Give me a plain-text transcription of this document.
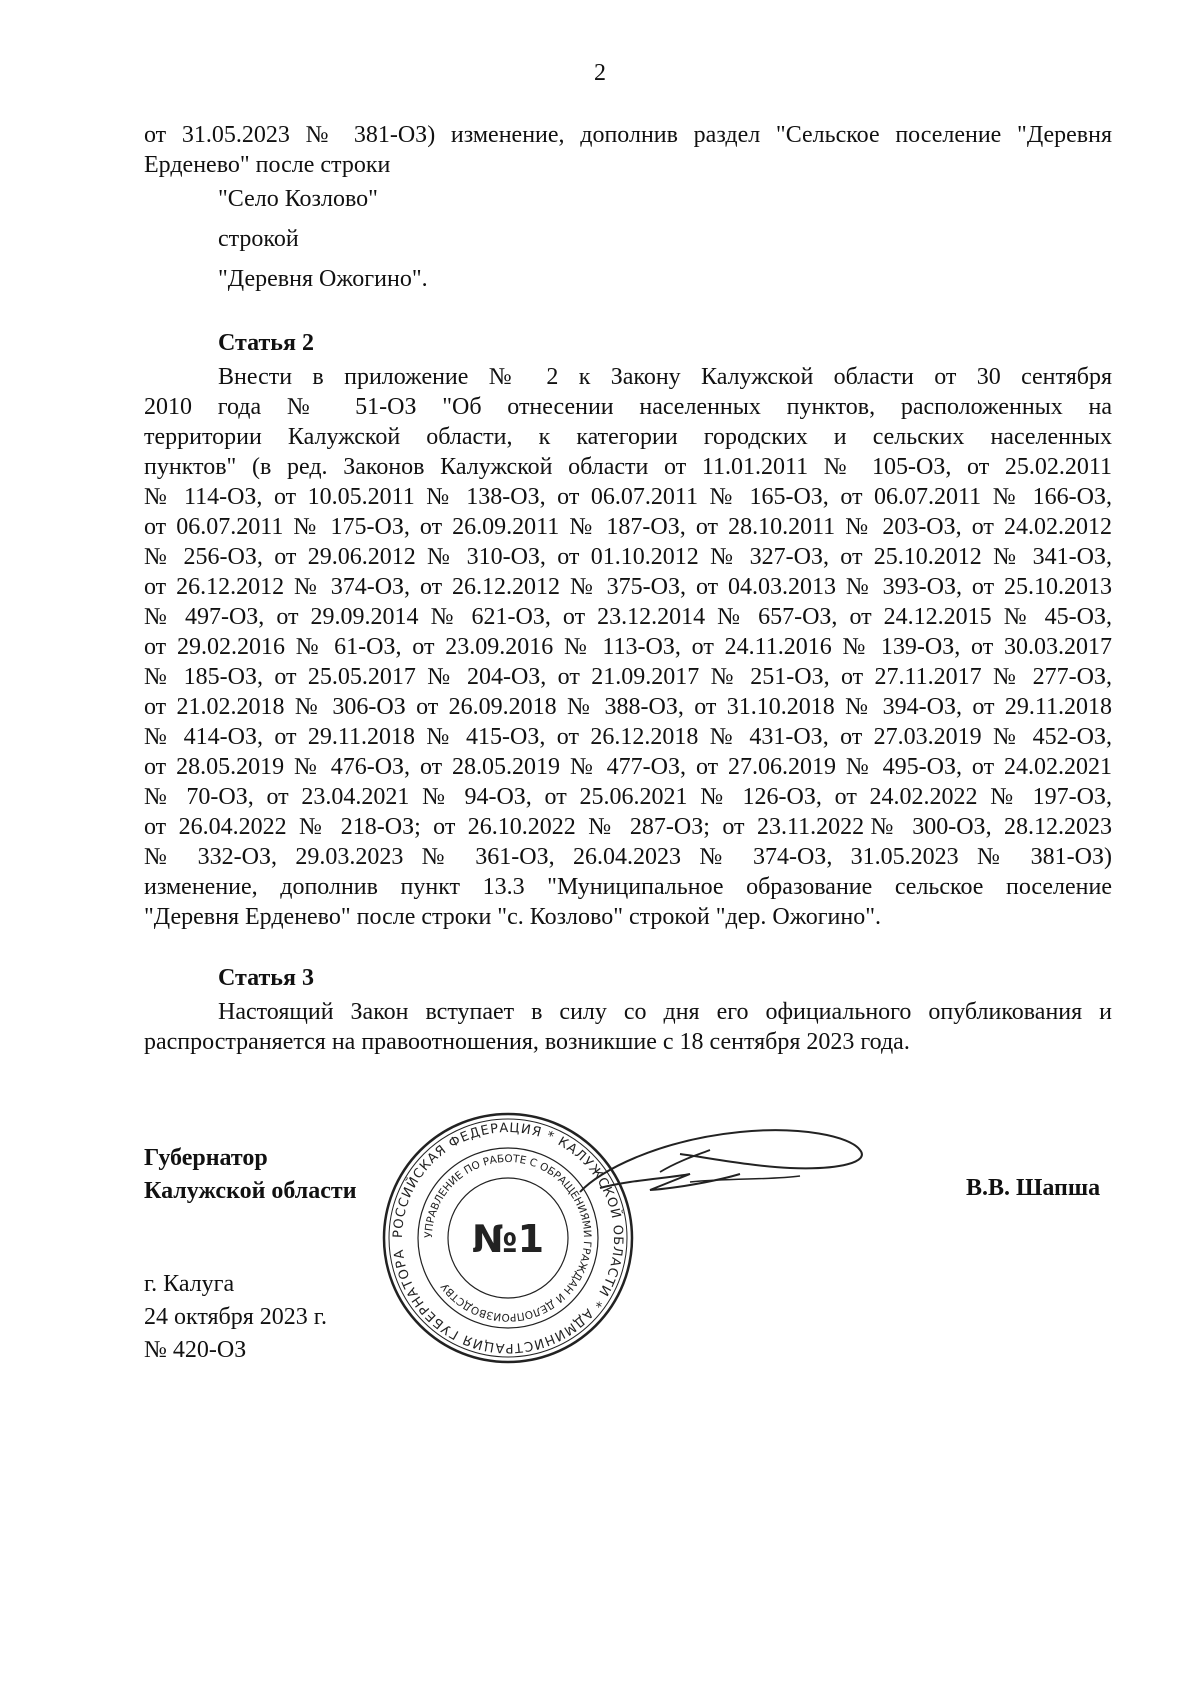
2
от 31.05.2023 № 381-ОЗ) изменение, дополнив раздел "Сельское поселение "Деревня
Ерденево" после строки
"Село Козлово"
строкой
"Деревня Ожогино".
Статья 2
Внести в приложение № 2 к Закону Калужской области от 30 сентября
2010 года № 51-ОЗ "Об отнесении населенных пунктов, расположенных на
территории Калужской области, к категории городских и сельских населенных
пунктов" (в ред. Законов Калужской области от 11.01.2011 № 105-ОЗ, от 25.02.2011
№ 114-ОЗ, от 10.05.2011 № 138-ОЗ, от 06.07.2011 № 165-ОЗ, от 06.07.2011 № 166-ОЗ,
от 06.07.2011 № 175-ОЗ, от 26.09.2011 № 187-ОЗ, от 28.10.2011 № 203-ОЗ, от 24.02.2012
№ 256-ОЗ, от 29.06.2012 № 310-ОЗ, от 01.10.2012 № 327-ОЗ, от 25.10.2012 № 341-ОЗ,
от 26.12.2012 № 374-ОЗ, от 26.12.2012 № 375-ОЗ, от 04.03.2013 № 393-ОЗ, от 25.10.2013
№ 497-ОЗ, от 29.09.2014 № 621-ОЗ, от 23.12.2014 № 657-ОЗ, от 24.12.2015 № 45-ОЗ,
от 29.02.2016 № 61-ОЗ, от 23.09.2016 № 113-ОЗ, от 24.11.2016 № 139-ОЗ, от 30.03.2017
№ 185-ОЗ, от 25.05.2017 № 204-ОЗ, от 21.09.2017 № 251-ОЗ, от 27.11.2017 № 277-ОЗ,
от 21.02.2018 № 306-ОЗ от 26.09.2018 № 388-ОЗ, от 31.10.2018 № 394-ОЗ, от 29.11.2018
№ 414-ОЗ, от 29.11.2018 № 415-ОЗ, от 26.12.2018 № 431-ОЗ, от 27.03.2019 № 452-ОЗ,
от 28.05.2019 № 476-ОЗ, от 28.05.2019 № 477-ОЗ, от 27.06.2019 № 495-ОЗ, от 24.02.2021
№ 70-ОЗ, от 23.04.2021 № 94-ОЗ, от 25.06.2021 № 126-ОЗ, от 24.02.2022 № 197-ОЗ,
от 26.04.2022 № 218-ОЗ; от 26.10.2022 № 287-ОЗ; от 23.11.2022№ 300-ОЗ, 28.12.2023
№ 332-ОЗ, 29.03.2023 № 361-ОЗ, 26.04.2023 № 374-ОЗ, 31.05.2023 № 381-ОЗ)
изменение, дополнив пункт 13.3 "Муниципальное образование сельское поселение
"Деревня Ерденево" после строки "с. Козлово" строкой "дер. Ожогино".
Статья 3
Настоящий Закон вступает в силу со дня его официального опубликования и
распространяется на правоотношения, возникшие с 18 сентября 2023 года.
Губернатор
Калужской области
РОССИЙСКАЯ ФЕДЕРАЦИЯ * КАЛУЖСКОЙ ОБЛАСТИ * АДМИНИСТРАЦИЯ ГУБЕРНАТОРА
УПРАВЛЕНИЕ ПО РАБОТЕ С ОБРАЩЕНИЯМИ ГРАЖДАН И ДЕЛОПРОИЗВОДСТВУ
№1
В.В. Шапша
г. Калуга
24 октября 2023 г.
№ 420-ОЗ
